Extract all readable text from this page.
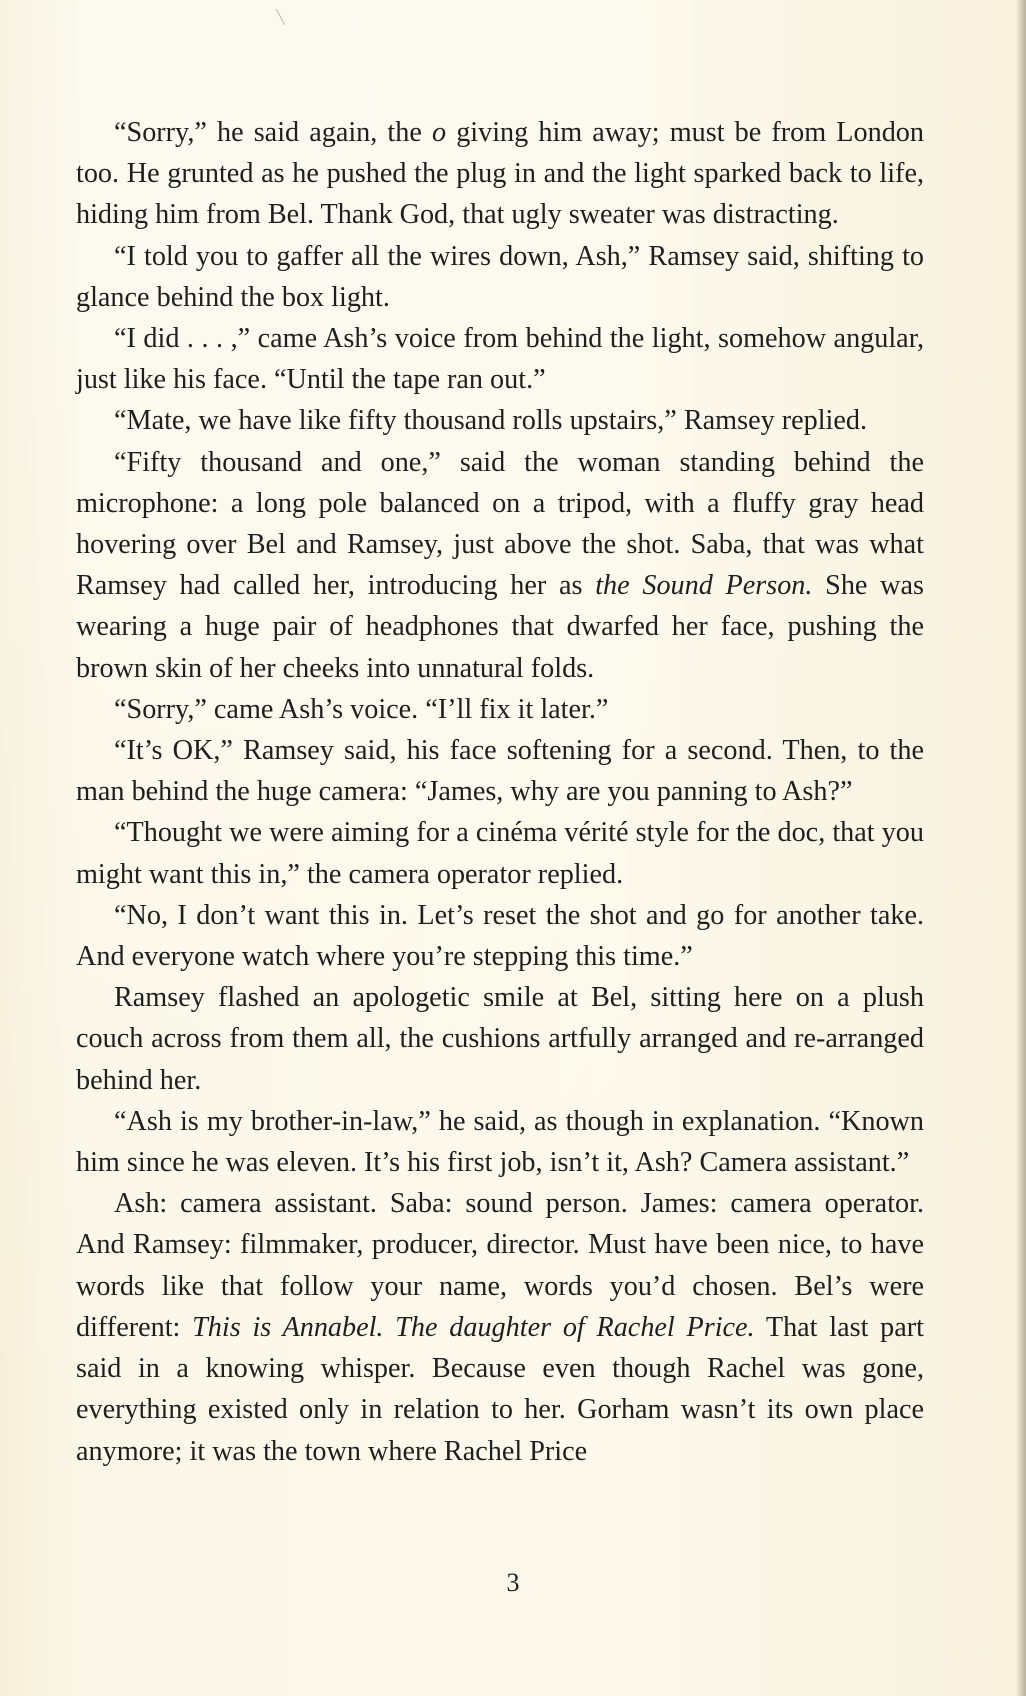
“Sorry,” he said again, the o giving him away; must be from London too. He grunted as he pushed the plug in and the light sparked back to life, hiding him from Bel. Thank God, that ugly sweater was distracting.

“I told you to gaffer all the wires down, Ash,” Ramsey said, shifting to glance behind the box light.

“I did . . . ,” came Ash’s voice from behind the light, somehow angular, just like his face. “Until the tape ran out.”

“Mate, we have like fifty thousand rolls upstairs,” Ramsey replied.

“Fifty thousand and one,” said the woman standing behind the microphone: a long pole balanced on a tripod, with a fluffy gray head hovering over Bel and Ramsey, just above the shot. Saba, that was what Ramsey had called her, introducing her as the Sound Person. She was wearing a huge pair of headphones that dwarfed her face, pushing the brown skin of her cheeks into unnatural folds.

“Sorry,” came Ash’s voice. “I’ll fix it later.”

“It’s OK,” Ramsey said, his face softening for a second. Then, to the man behind the huge camera: “James, why are you panning to Ash?”

“Thought we were aiming for a cinéma vérité style for the doc, that you might want this in,” the camera operator replied.

“No, I don’t want this in. Let’s reset the shot and go for another take. And everyone watch where you’re stepping this time.”

Ramsey flashed an apologetic smile at Bel, sitting here on a plush couch across from them all, the cushions artfully arranged and re-arranged behind her.

“Ash is my brother-in-law,” he said, as though in explanation. “Known him since he was eleven. It’s his first job, isn’t it, Ash? Camera assistant.”

Ash: camera assistant. Saba: sound person. James: camera operator. And Ramsey: filmmaker, producer, director. Must have been nice, to have words like that follow your name, words you’d chosen. Bel’s were different: This is Annabel. The daughter of Rachel Price. That last part said in a knowing whisper. Because even though Rachel was gone, everything existed only in relation to her. Gorham wasn’t its own place anymore; it was the town where Rachel Price

3
